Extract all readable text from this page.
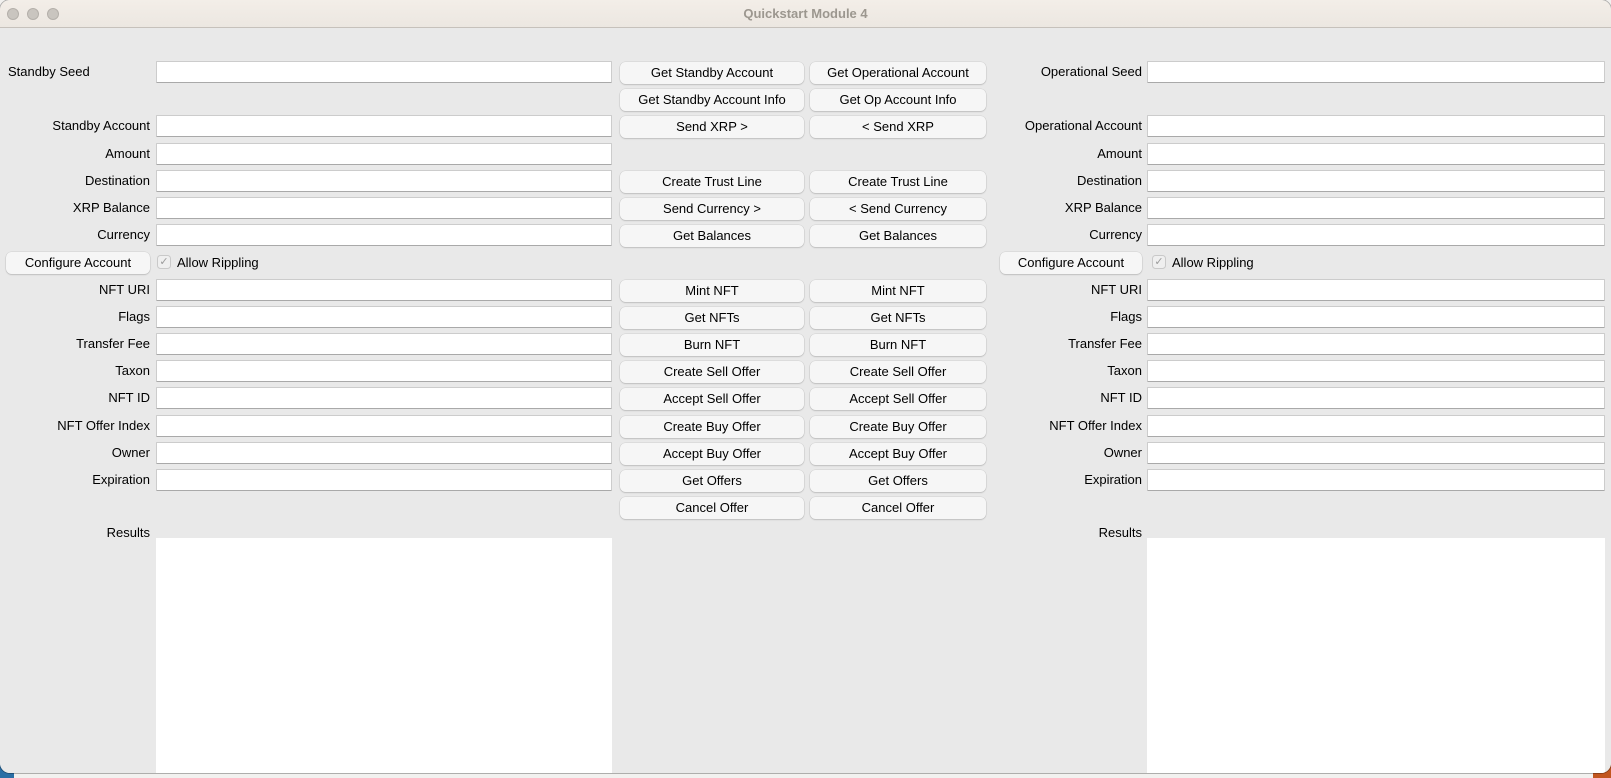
Quickstart Module 4
Standby Seed
Standby Account
Amount
Destination
XRP Balance
Currency
Configure Account	✓ Allow Rippling
NFT URI
Flags
Transfer Fee
Taxon
NFT ID
NFT Offer Index
Owner
Expiration
Results
Get Standby Account	Get Operational Account
Get Standby Account Info	Get Op Account Info
Send XRP >	< Send XRP
Create Trust Line	Create Trust Line
Send Currency >	< Send Currency
Get Balances	Get Balances
Mint NFT	Mint NFT
Get NFTs	Get NFTs
Burn NFT	Burn NFT
Create Sell Offer	Create Sell Offer
Accept Sell Offer	Accept Sell Offer
Create Buy Offer	Create Buy Offer
Accept Buy Offer	Accept Buy Offer
Get Offers	Get Offers
Cancel Offer	Cancel Offer
Operational Seed
Operational Account
Amount
Destination
XRP Balance
Currency
Configure Account	✓ Allow Rippling
NFT URI
Flags
Transfer Fee
Taxon
NFT ID
NFT Offer Index
Owner
Expiration
Results
